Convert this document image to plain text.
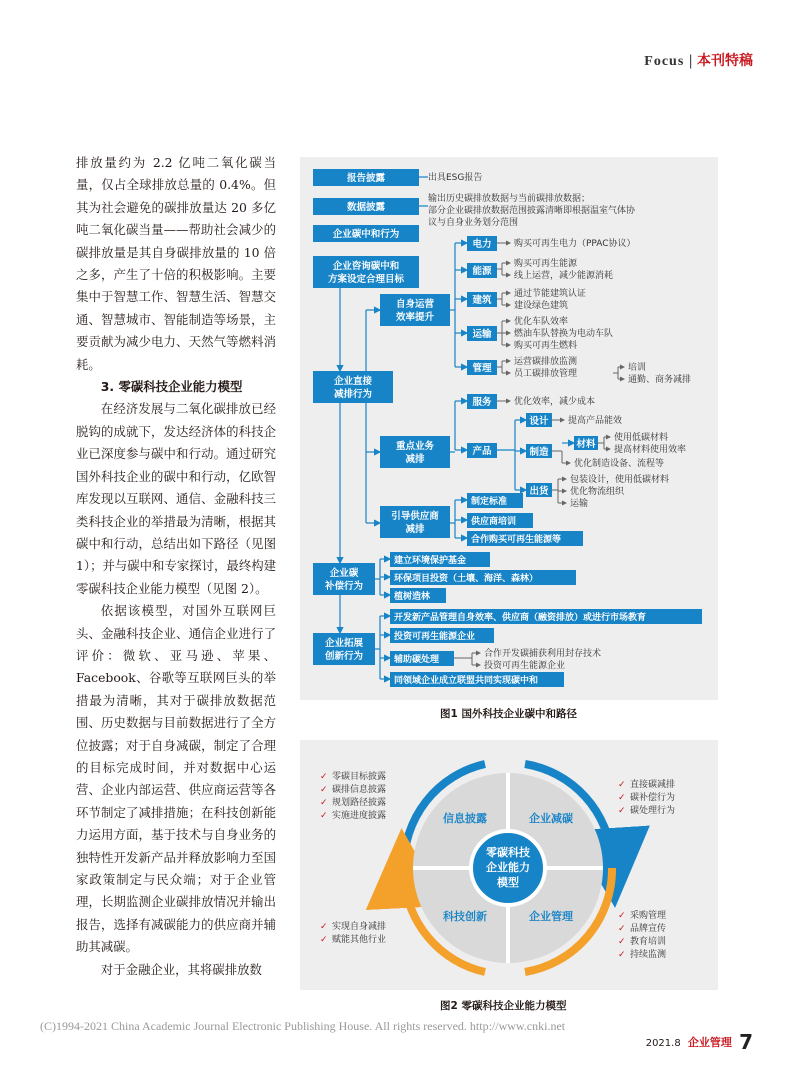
Focus | 本刊特稿

排放量约为 2.2 亿吨二氧化碳当量，仅占全球排放总量的 0.4%。但其为社会避免的碳排放量达 20 多亿吨二氧化碳当量——帮助社会减少的碳排放量是其自身碳排放量的 10 倍之多，产生了十倍的积极影响。主要集中于智慧工作、智慧生活、智慧交通、智慧城市、智能制造等场景，主要贡献为减少电力、天然气等燃料消耗。

3. 零碳科技企业能力模型

在经济发展与二氧化碳排放已经脱钩的成就下，发达经济体的科技企业已深度参与碳中和行动。通过研究国外科技企业的碳中和行动，亿欧智库发现以互联网、通信、金融科技三类科技企业的举措最为清晰，根据其碳中和行动，总结出如下路径（见图 1）；并与碳中和专家探讨，最终构建零碳科技企业能力模型（见图 2）。

依据该模型，对国外互联网巨头、金融科技企业、通信企业进行了评价：微软、亚马逊、苹果、Facebook、谷歌等互联网巨头的举措最为清晰，其对于碳排放数据范围、历史数据与目前数据进行了全方位披露；对于自身减碳，制定了合理的目标完成时间，并对数据中心运营、企业内部运营、供应商运营等各环节制定了减排措施；在科技创新能力运用方面，基于技术与自身业务的独特性开发新产品并释放影响力至国家政策制定与民众端；对于企业管理，长期监测企业碳排放情况并输出报告，选择有减碳能力的供应商并辅助其减碳。

对于金融企业，其将碳排放数

报告披露
数据披露
企业碳中和行为
企业咨询碳中和
方案设定合理目标
企业直接
减排行为
自身运营
效率提升
重点业务
减排
引导供应商
减排
企业碳
补偿行为
企业拓展
创新行为
电力
能源
建筑
运输
管理
服务
产品
设计
制造
材料
出货
制定标准
供应商培训
合作购买可再生能源等
建立环境保护基金
环保项目投资（土壤、海洋、森林）
植树造林
开发新产品管理自身效率、供应商（融资排放）或进行市场教育
投资可再生能源企业
辅助碳处理
同领域企业成立联盟共同实现碳中和
出具ESG报告
输出历史碳排放数据与当前碳排放数据；
部分企业碳排放数据范围披露清晰即根据温室气体协
议与自身业务划分范围
购买可再生电力（PPAC协议）
购买可再生能源
线上运营，减少能源消耗
通过节能建筑认证
建设绿色建筑
优化车队效率
燃油车队替换为电动车队
购买可再生燃料
运营碳排放监测
员工碳排放管理
培训
通勤、商务减排
优化效率，减少成本
提高产品能效
使用低碳材料
提高材料使用效率
优化制造设备、流程等
包装设计，使用低碳材料
优化物流组织
运输
合作开发碳捕获利用封存技术
投资可再生能源企业
图1 国外科技企业碳中和路径
零碳科技
企业能力
模型
信息披露	企业减碳
科技创新	企业管理
✓ 零碳目标披露
✓ 碳排信息披露
✓ 规划路径披露
✓ 实施进度披露
✓ 直接碳减排
✓ 碳补偿行为
✓ 碳处理行为
✓ 实现自身减排
✓ 赋能其他行业
✓ 采购管理
✓ 品牌宣传
✓ 教育培训
✓ 持续监测
图2 零碳科技企业能力模型
(C)1994-2021 China Academic Journal Electronic Publishing House. All rights reserved. http://www.cnki.net
2021.8 企业管理 7
